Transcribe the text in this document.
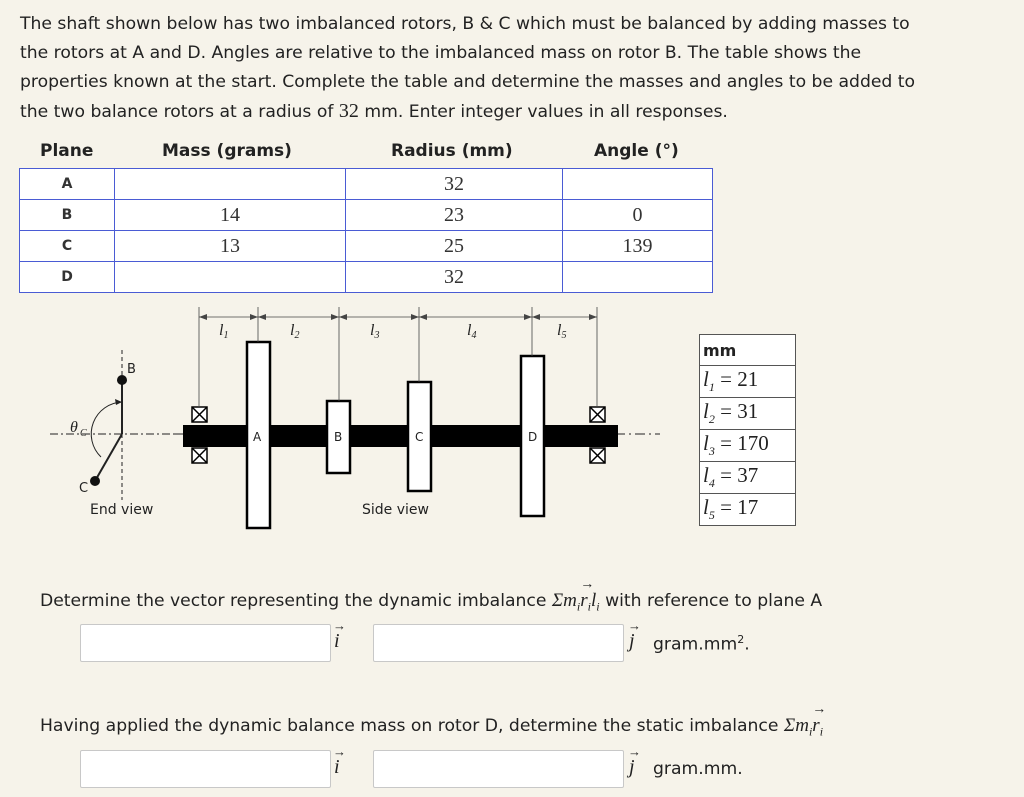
The shaft shown below has two imbalanced rotors, B & C which must be balanced by adding masses to
the rotors at A and D. Angles are relative to the imbalanced mass on rotor B. The table shows the
properties known at the start. Complete the table and determine the masses and angles to be added to
the two balance rotors at a radius of 32 mm. Enter integer values in all responses.
Plane	Mass (grams)	Radius (mm)	Angle (°)
A		32	
B	14	23	0
C	13	25	139
D		32	
B
C
θ C
End view
A	B	C	D
l1	l2	l3	l4	l5
Side view
mm
$l_1 = 21$
$l_2 = 31$
$l_3 = 170$
$l_4 = 37$
$l_5 = 17$
Determine the vector representing the dynamic imbalance $\Sigma m_ir$
→
$_il_i$ with reference to plane A
i
→
j
→
$gram.mm^2$.
Having applied the dynamic balance mass on rotor D, determine the static imbalance $\Sigma m_ir$
→
$_i$
i
→
j
→
gram.mm.
